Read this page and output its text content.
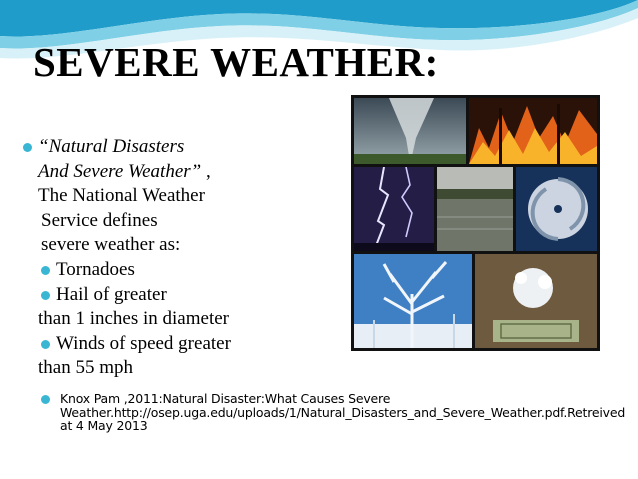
SEVERE WEATHER:
“Natural Disasters
And Severe Weather” ,
The National Weather
Service defines
severe weather as:
Tornadoes
Hail of greater
than 1 inches in diameter
Winds of speed greater
than 55 mph
Knox Pam ,2011:Natural Disaster:What Causes Severe Weather.http://osep.uga.edu/uploads/1/Natural_Disasters_and_Severe_Weather.pdf.Retreived at 4 May 2013
